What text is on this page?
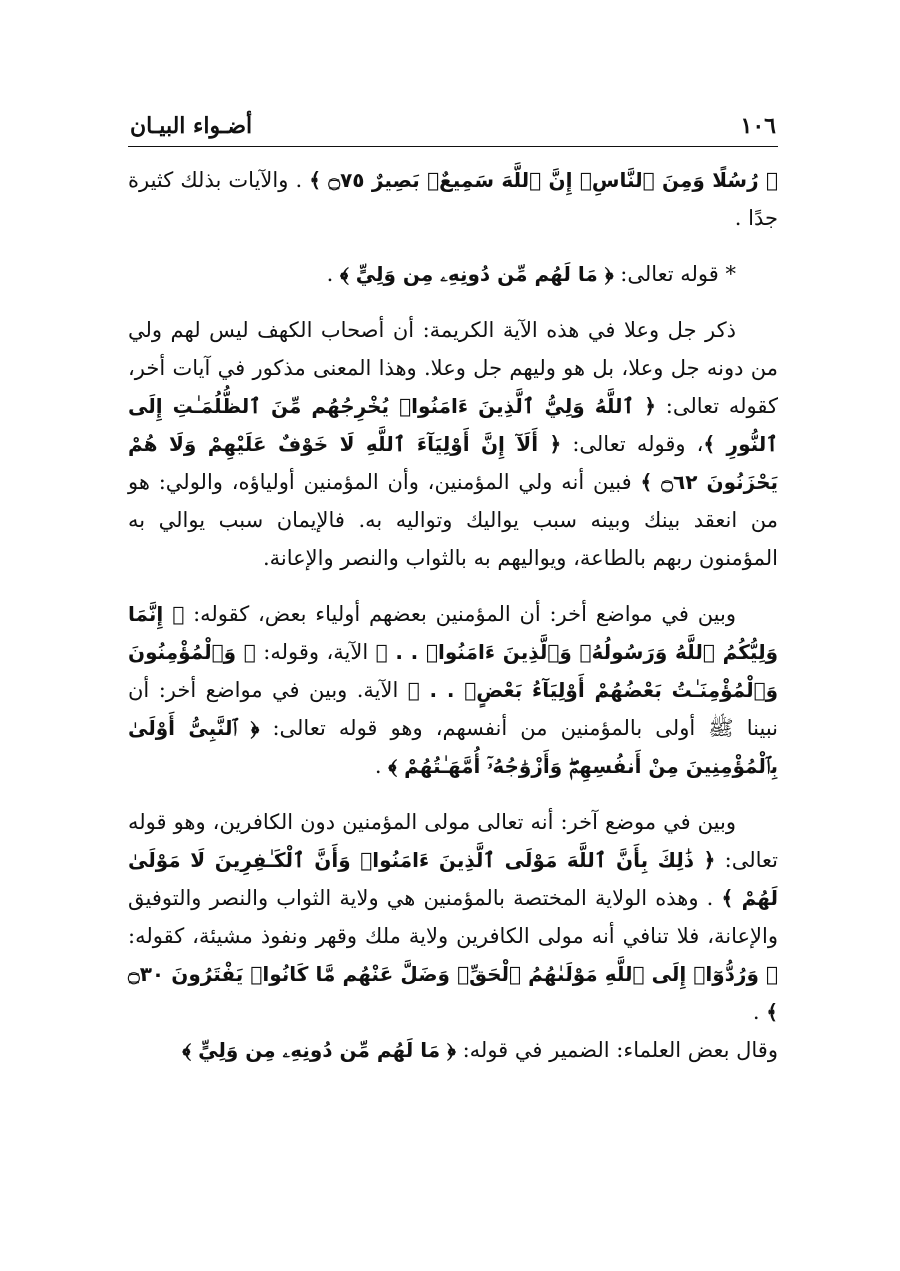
١٠٦
أضـواء البيـان

﴿ رُسُلًا وَمِنَ ٱلنَّاسِۚ إِنَّ ٱللَّهَ سَمِيعٌۢ بَصِيرٌ ۝٧٥ ﴾ . والآيات بذلك كثيرة جدًا .

* قوله تعالى: ﴿ مَا لَهُم مِّن دُونِهِۦ مِن وَلِيٍّ ﴾ .

ذكر جل وعلا في هذه الآية الكريمة: أن أصحاب الكهف ليس لهم ولي من دونه جل وعلا، بل هو وليهم جل وعلا. وهذا المعنى مذكور في آيات أخر، كقوله تعالى: ﴿ ٱللَّهُ وَلِيُّ ٱلَّذِينَ ءَامَنُوا۟ يُخْرِجُهُم مِّنَ ٱلظُّلُمَـٰتِ إِلَى ٱلنُّورِ ﴾، وقوله تعالى: ﴿ أَلَآ إِنَّ أَوْلِيَآءَ ٱللَّهِ لَا خَوْفٌ عَلَيْهِمْ وَلَا هُمْ يَحْزَنُونَ ۝٦٢ ﴾ فبين أنه ولي المؤمنين، وأن المؤمنين أولياؤه، والولي: هو من انعقد بينك وبينه سبب يواليك وتواليه به. فالإيمان سبب يوالي به المؤمنون ربهم بالطاعة، ويواليهم به بالثواب والنصر والإعانة.

وبين في مواضع أخر: أن المؤمنين بعضهم أولياء بعض، كقوله: ﴿ إِنَّمَا وَلِيُّكُمُ ٱللَّهُ وَرَسُولُهُۥ وَٱلَّذِينَ ءَامَنُوا۟ . . ﴾ الآية، وقوله: ﴿ وَٱلْمُؤْمِنُونَ وَٱلْمُؤْمِنَـٰتُ بَعْضُهُمْ أَوْلِيَآءُ بَعْضٍۚ . . ﴾ الآية. وبين في مواضع أخر: أن نبينا ﷺ أولى بالمؤمنين من أنفسهم، وهو قوله تعالى: ﴿ ٱلنَّبِىُّ أَوْلَىٰ بِٱلْمُؤْمِنِينَ مِنْ أَنفُسِهِمْۖ وَأَزْوَٰجُهُۥٓ أُمَّهَـٰتُهُمْ ﴾ .

وبين في موضع آخر: أنه تعالى مولى المؤمنين دون الكافرين، وهو قوله تعالى: ﴿ ذَٰلِكَ بِأَنَّ ٱللَّهَ مَوْلَى ٱلَّذِينَ ءَامَنُوا۟ وَأَنَّ ٱلْكَـٰفِرِينَ لَا مَوْلَىٰ لَهُمْ ﴾ . وهذه الولاية المختصة بالمؤمنين هي ولاية الثواب والنصر والتوفيق والإعانة، فلا تنافي أنه مولى الكافرين ولاية ملك وقهر ونفوذ مشيئة، كقوله: ﴿ وَرُدُّوٓا۟ إِلَى ٱللَّهِ مَوْلَىٰهُمُ ٱلْحَقِّۖ وَضَلَّ عَنْهُم مَّا كَانُوا۟ يَفْتَرُونَ ۝٣٠ ﴾ .

وقال بعض العلماء: الضمير في قوله: ﴿ مَا لَهُم مِّن دُونِهِۦ مِن وَلِيٍّ ﴾
